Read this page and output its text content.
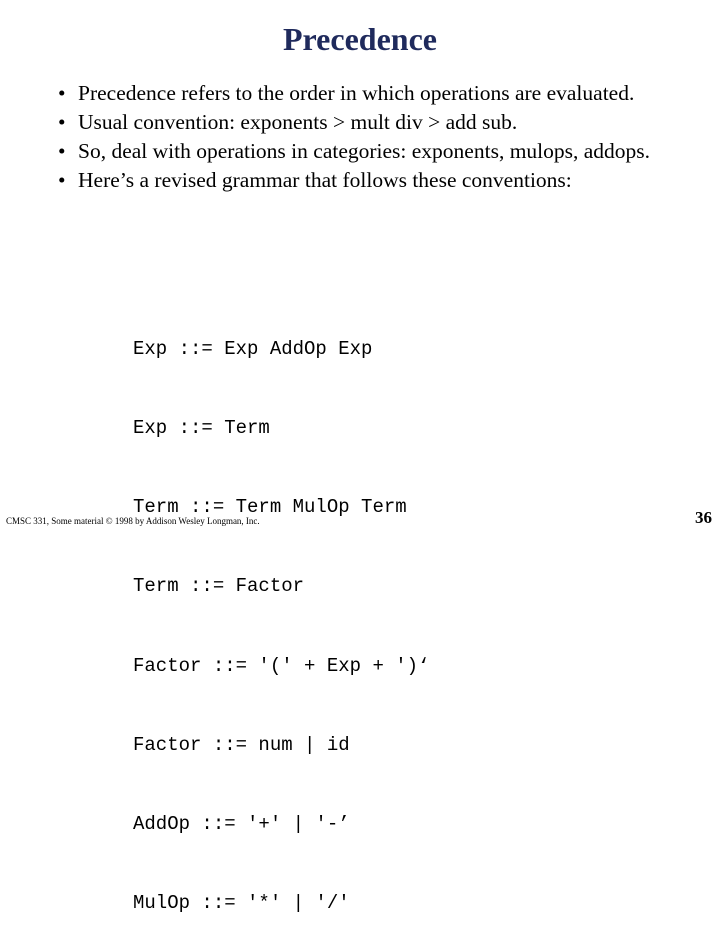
Precedence
• Precedence refers to the order in which operations are evaluated.
• Usual convention: exponents > mult div > add sub.
• So, deal with operations in categories: exponents, mulops, addops.
• Here’s a revised grammar that follows these conventions:

Exp ::= Exp AddOp Exp

Exp ::= Term

Term ::= Term MulOp Term

Term ::= Factor

Factor ::= '(' + Exp + ')‘

Factor ::= num | id

AddOp ::= '+' | '-’

MulOp ::= '*' | '/'

CMSC 331, Some material © 1998 by Addison Wesley Longman, Inc.	36
